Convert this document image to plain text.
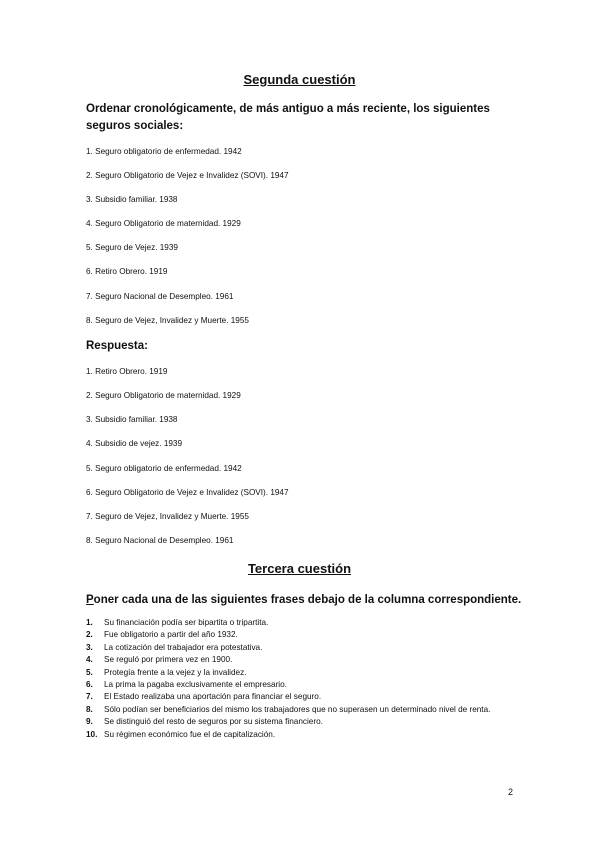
Segunda cuestión
Ordenar cronológicamente, de más antiguo a más reciente, los siguientes seguros sociales:
1. Seguro obligatorio de enfermedad. 1942
2. Seguro Obligatorio de Vejez e Invalidez (SOVI). 1947
3. Subsidio familiar. 1938
4. Seguro Obligatorio de maternidad. 1929
5. Seguro de Vejez. 1939
6. Retiro Obrero. 1919
7. Seguro Nacional de Desempleo. 1961
8. Seguro de Vejez, Invalidez y Muerte. 1955
Respuesta:
1. Retiro Obrero. 1919
2. Seguro Obligatorio de maternidad. 1929
3. Subsidio familiar. 1938
4. Subsidio de vejez. 1939
5. Seguro obligatorio de enfermedad. 1942
6. Seguro Obligatorio de Vejez e Invalidez (SOVI). 1947
7. Seguro de Vejez, Invalidez y Muerte. 1955
8. Seguro Nacional de Desempleo. 1961
Tercera cuestión
Poner cada una de las siguientes frases debajo de la columna correspondiente.
1. Su financiación podía ser bipartita o tripartita.
2. Fue obligatorio a partir del año 1932.
3. La cotización del trabajador era potestativa.
4. Se reguló por primera vez en 1900.
5. Protegía frente a la vejez y la invalidez.
6. La prima la pagaba exclusivamente el empresario.
7. El Estado realizaba una aportación para financiar el seguro.
8. Sólo podían ser beneficiarios del mismo los trabajadores que no superasen un determinado nivel de renta.
9. Se distinguió del resto de seguros por su sistema financiero.
10. Su régimen económico fue el de capitalización.
2
